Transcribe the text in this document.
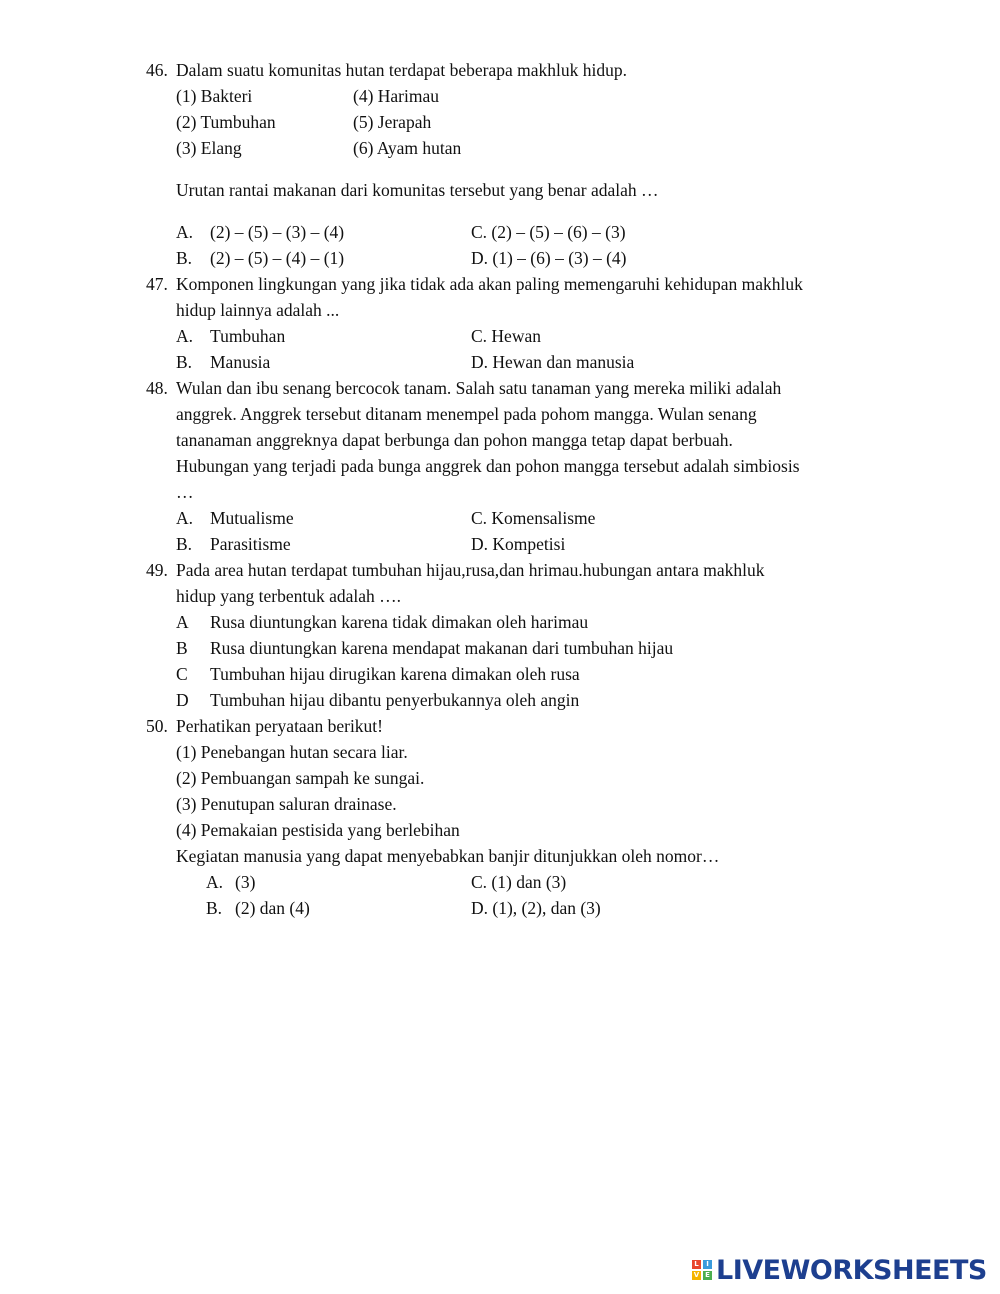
46. Dalam suatu komunitas hutan terdapat beberapa makhluk hidup.
(1) Bakteri	(4) Harimau
(2) Tumbuhan	(5) Jerapah
(3) Elang	(6) Ayam hutan
Urutan rantai makanan dari komunitas tersebut yang benar adalah …
A. (2) – (5) – (3) – (4)	C. (2) – (5) – (6) – (3)
B. (2) – (5) – (4) – (1)	D. (1) – (6) – (3) – (4)
47. Komponen lingkungan yang jika tidak ada akan paling memengaruhi kehidupan makhluk
hidup lainnya adalah ...
A. Tumbuhan	C. Hewan
B. Manusia	D. Hewan dan manusia
48. Wulan dan ibu senang bercocok tanam. Salah satu tanaman yang mereka miliki adalah
anggrek. Anggrek tersebut ditanam menempel pada pohom mangga. Wulan senang
tananaman anggreknya dapat berbunga dan pohon mangga tetap dapat berbuah.
Hubungan yang terjadi pada bunga anggrek dan pohon mangga tersebut adalah simbiosis
…
A. Mutualisme	C. Komensalisme
B. Parasitisme	D. Kompetisi
49. Pada area hutan terdapat tumbuhan hijau,rusa,dan hrimau.hubungan antara makhluk
hidup yang terbentuk adalah ….
A Rusa diuntungkan karena tidak dimakan oleh harimau
B Rusa diuntungkan karena mendapat makanan dari tumbuhan hijau
C Tumbuhan hijau dirugikan karena dimakan oleh rusa
D Tumbuhan hijau dibantu penyerbukannya oleh angin
50. Perhatikan peryataan berikut!
(1) Penebangan hutan secara liar.
(2) Pembuangan sampah ke sungai.
(3) Penutupan saluran drainase.
(4) Pemakaian pestisida yang berlebihan
Kegiatan manusia yang dapat menyebabkan banjir ditunjukkan oleh nomor…
A. (3)	C. (1) dan (3)
B. (2) dan (4)	D. (1), (2), dan (3)
L	I
V E LIVEWORKSHEETS
